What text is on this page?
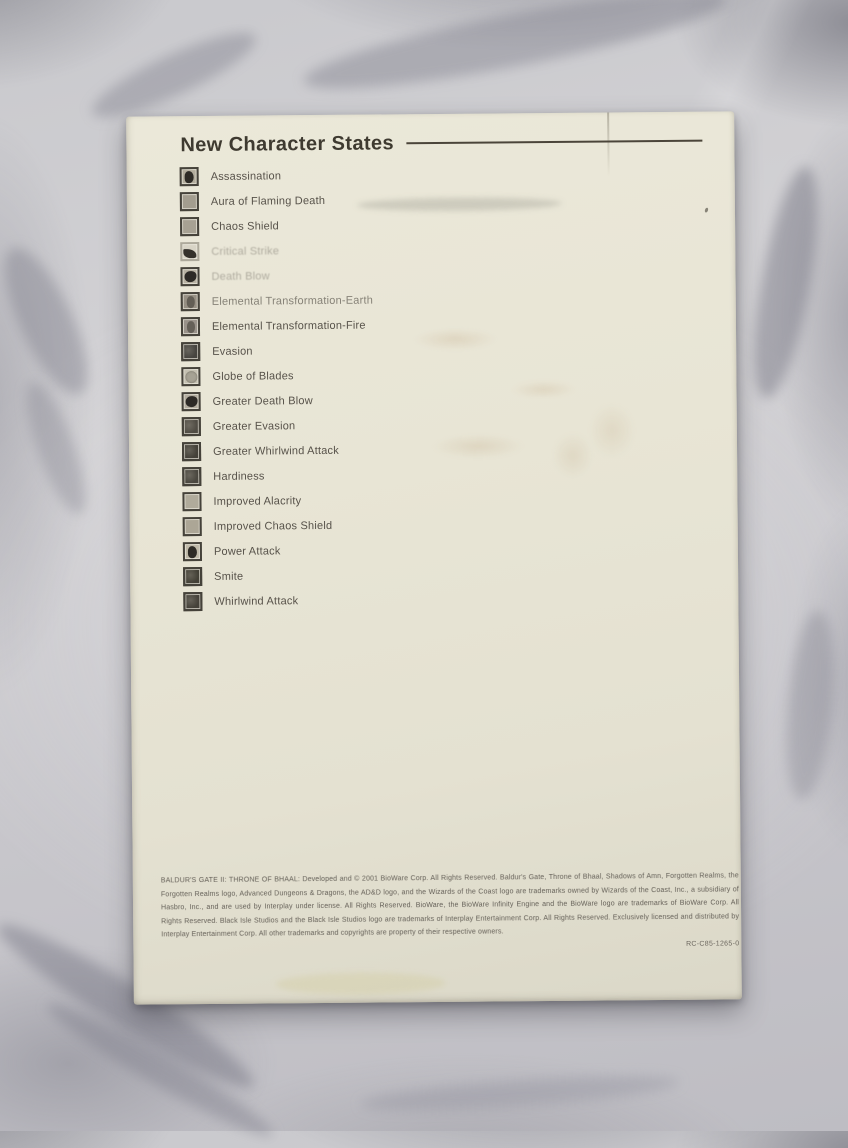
New Character States
Assassination
Aura of Flaming Death
Chaos Shield
Critical Strike
Death Blow
Elemental Transformation-Earth
Elemental Transformation-Fire
Evasion
Globe of Blades
Greater Death Blow
Greater Evasion
Greater Whirlwind Attack
Hardiness
Improved Alacrity
Improved Chaos Shield
Power Attack
Smite
Whirlwind Attack

BALDUR'S GATE II: THRONE OF BHAAL: Developed and © 2001 BioWare Corp. All Rights Reserved. Baldur's Gate, Throne of Bhaal, Shadows of Amn, Forgotten Realms, the Forgotten Realms logo, Advanced Dungeons & Dragons, the AD&D logo, and the Wizards of the Coast logo are trademarks owned by Wizards of the Coast, Inc., a subsidiary of Hasbro, Inc., and are used by Interplay under license. All Rights Reserved. BioWare, the BioWare Infinity Engine and the BioWare logo are trademarks of BioWare Corp. All Rights Reserved. Black Isle Studios and the Black Isle Studios logo are trademarks of Interplay Entertainment Corp. All Rights Reserved. Exclusively licensed and distributed by Interplay Entertainment Corp. All other trademarks and copyrights are property of their respective owners.

RC-C85-1265-0
